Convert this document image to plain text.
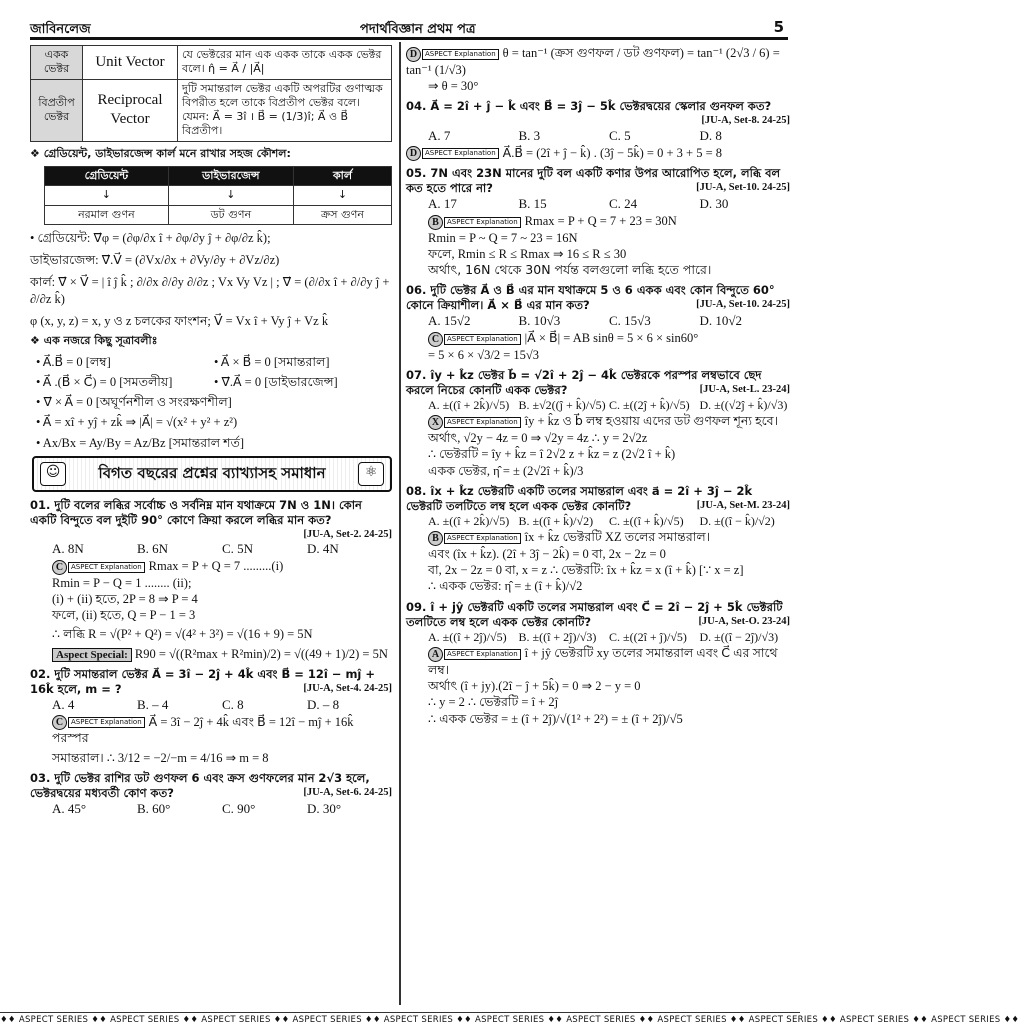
জাবিনলেজ	পদার্থবিজ্ঞান প্রথম পত্র	5
একক ভেক্টর	Unit Vector	যে ভেক্টরের মান এক একক তাকে একক ভেক্টর বলে। η̂ = A⃗ / |A⃗|
বিপ্রতীপ ভেক্টর	Reciprocal Vector	দুটি সমান্তরাল ভেক্টর একটি অপরটির গুণাত্মক বিপরীত হলে তাকে বিপ্রতীপ ভেক্টর বলে। যেমন: A⃗ = 3î । B⃗ = (1/3)î; A⃗ ও B⃗ বিপ্রতীপ।
❖ গ্রেডিয়েন্ট, ডাইভারজেন্স কার্ল মনে রাখার সহজ কৌশল:
গ্রেডিয়েন্ট	ডাইভারজেন্স	কার্ল
↓	↓	↓
নরমাল গুণন	ডট গুণন	ক্রস গুণন
• গ্রেডিয়েন্ট: ∇⃗φ = (∂φ/∂x î + ∂φ/∂y ĵ + ∂φ/∂z k̂);
ডাইভারজেন্স: ∇⃗.V⃗ = (∂Vx/∂x + ∂Vy/∂y + ∂Vz/∂z)
কার্ল: ∇⃗ × V⃗ = | î ĵ k̂ ; ∂/∂x ∂/∂y ∂/∂z ; Vx Vy Vz | ; ∇⃗ = (∂/∂x î + ∂/∂y ĵ + ∂/∂z k̂)
φ (x, y, z) = x, y ও z চলকের ফাংশন; V⃗ = Vx î + Vy ĵ + Vz k̂
❖ এক নজরে কিছু সূত্রাবলীঃ
• A⃗.B⃗ = 0 [লম্ব]	• A⃗ × B⃗ = 0 [সমান্তরাল]
• A⃗ .(B⃗ × C⃗) = 0 [সমতলীয়]	• ∇⃗.A⃗ = 0 [ডাইভারজেন্স]
• ∇⃗ × A⃗ = 0 [অঘূর্ণনশীল ও সংরক্ষণশীল]
• A⃗ = xî + yĵ + zk̂ ⇒ |A⃗| = √(x² + y² + z²)
• Ax/Bx = Ay/By = Az/Bz [সমান্তরাল শর্ত]
☺	বিগত বছরের প্রশ্নের ব্যাখ্যাসহ সমাধান	⚛
01. দুটি বলের লব্ধির সর্বোচ্চ ও সর্বনিম্ন মান যথাক্রমে 7N ও 1N। কোন একটি বিন্দুতে বল দুইটি 90° কোণে ক্রিয়া করলে লব্ধির মান কত?
[JU-A, Set-2. 24-25]
A. 8N	B. 6N	C. 5N	D. 4N
C	ASPECT Explanation Rmax = P + Q = 7 .........(i)
Rmin = P − Q = 1 ........ (ii);
(i) + (ii) হতে, 2P = 8 ⇒ P = 4
ফলে, (ii) হতে, Q = P − 1 = 3
∴ লব্ধি R = √(P² + Q²) = √(4² + 3²) = √(16 + 9) = 5N
Aspect Special: R90 = √((R²max + R²min)/2) = √((49 + 1)/2) = 5N
02. দুটি সমান্তরাল ভেক্টর A⃗ = 3î − 2ĵ + 4k̂ এবং B⃗ = 12î − mĵ + 16k̂ হলে, m = ?	[JU-A, Set-4. 24-25]
A. 4	B. – 4	C. 8	D. – 8
C	ASPECT Explanation A⃗ = 3î − 2ĵ + 4k̂ এবং B⃗ = 12î − mĵ + 16k̂ পরস্পর
সমান্তরাল। ∴ 3/12 = −2/−m = 4/16 ⇒ m = 8
03. দুটি ভেক্টর রাশির ডট গুণফল 6 এবং ক্রস গুণফলের মান 2√3 হলে, ভেক্টরদ্বয়ের মধ্যবর্তী কোণ কত?	[JU-A, Set-6. 24-25]
A. 45°	B. 60°	C. 90°	D. 30°
D	ASPECT Explanation θ = tan⁻¹ (ক্রস গুণফল / ডট গুণফল) = tan⁻¹ (2√3 / 6) = tan⁻¹ (1/√3)
⇒ θ = 30°
04. A⃗ = 2î + ĵ − k̂ এবং B⃗ = 3ĵ − 5k̂ ভেক্টরদ্বয়ের স্কেলার গুনফল কত?
[JU-A, Set-8. 24-25]
A. 7	B. 3	C. 5	D. 8
D	ASPECT Explanation A⃗.B⃗ = (2î + ĵ − k̂) . (3ĵ − 5k̂) = 0 + 3 + 5 = 8
05. 7N এবং 23N মানের দুটি বল একটি কণার উপর আরোপিত হলে, লব্ধি বল কত হতে পারে না?	[JU-A, Set-10. 24-25]
A. 17	B. 15	C. 24	D. 30
B	ASPECT Explanation Rmax = P + Q = 7 + 23 = 30N
Rmin = P ~ Q = 7 ~ 23 = 16N
ফলে, Rmin ≤ R ≤ Rmax ⇒ 16 ≤ R ≤ 30
অর্থাৎ, 16N থেকে 30N পর্যন্ত বলগুলো লব্ধি হতে পারে।
06. দুটি ভেক্টর A⃗ ও B⃗ এর মান যথাক্রমে 5 ও 6 একক এবং কোন বিন্দুতে 60° কোনে ক্রিয়াশীল। A⃗ × B⃗ এর মান কত?	[JU-A, Set-10. 24-25]
A. 15√2	B. 10√3	C. 15√3	D. 10√2
C	ASPECT Explanation |A⃗ × B⃗| = AB sinθ = 5 × 6 × sin60°
= 5 × 6 × √3/2 = 15√3
07. îy + k̂z ভেক্টর b⃗ = √2î + 2ĵ − 4k̂ ভেক্টরকে পরস্পর লম্বভাবে ছেদ করলে নিচের কোনটি একক ভেক্টর?	[JU-A, Set-L. 23-24]
A. ±((î + 2k̂)/√5) B. ±√2((ĵ + k̂)/√5) C. ±((2ĵ + k̂)/√5) D. ±((√2ĵ + k̂)/√3)
X	ASPECT Explanation îy + k̂z ও b⃗ লম্ব হওয়ায় এদের ডট গুণফল শূন্য হবে।
অর্থাৎ, √2y − 4z = 0 ⇒ √2y = 4z ∴ y = 2√2z
∴ ভেক্টরটি = îy + k̂z = î 2√2 z + k̂z = z (2√2 î + k̂)
একক ভেক্টর, η̂ = ± (2√2î + k̂)/3
08. îx + k̂z ভেক্টরটি একটি তলের সমান্তরাল এবং a⃗ = 2î + 3ĵ − 2k̂ ভেক্টরটি তলটিতে লম্ব হলে একক ভেক্টর কোনটি?	[JU-A, Set-M. 23-24]
A. ±((î + 2k̂)/√5) B. ±((î + k̂)/√2)	C. ±((î + k̂)/√5)	D. ±((î − k̂)/√2)
B	ASPECT Explanation îx + k̂z ভেক্টরটি XZ তলের সমান্তরাল।
এবং (îx + k̂z). (2î + 3ĵ − 2k̂) = 0 বা, 2x − 2z = 0
বা, 2x − 2z = 0 বা, x = z ∴ ভেক্টরটি: îx + k̂z = x (î + k̂) [∵ x = z]
∴ একক ভেক্টর: η̂ = ± (î + k̂)/√2
09. î + jŷ ভেক্টরটি একটি তলের সমান্তরাল এবং C⃗ = 2î − 2ĵ + 5k̂ ভেক্টরটি তলটিতে লম্ব হলে একক ভেক্টর কোনটি?	[JU-A, Set-O. 23-24]
A. ±((î + 2ĵ)/√5) B. ±((î + 2ĵ)/√3)	C. ±((2î + ĵ)/√5)	D. ±((î − 2ĵ)/√3)
A	ASPECT Explanation î + jŷ ভেক্টরটি xy তলের সমান্তরাল এবং C⃗ এর সাথে লম্ব।
অর্থাৎ (î + jy).(2î − ĵ + 5k̂) = 0 ⇒ 2 − y = 0
∴ y = 2 ∴ ভেক্টরটি = î + 2ĵ
∴ একক ভেক্টর = ± (î + 2ĵ)/√(1² + 2²) = ± (î + 2ĵ)/√5
♦♦ ASPECT SERIES ♦♦ ASPECT SERIES ♦♦ ASPECT SERIES ♦♦ ASPECT SERIES ♦♦ ASPECT SERIES ♦♦ ASPECT SERIES ♦♦ ASPECT SERIES ♦♦ ASPECT SERIES ♦♦ ASPECT SERIES ♦♦ ASPECT SERIES ♦♦ ASPECT SERIES ♦♦
